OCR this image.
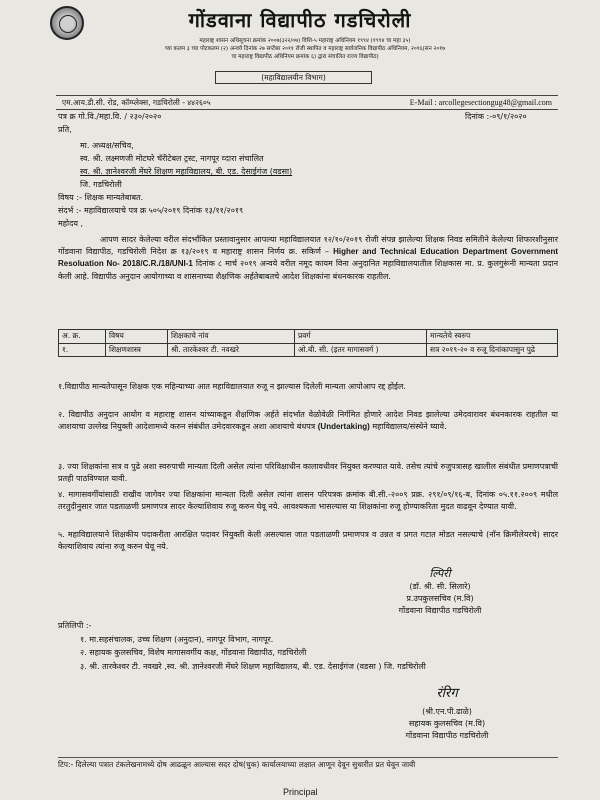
गोंडवाना विद्यापीठ गडचिरोली
महाराष्ट्र शासन अधिसूचना क्रमांक २००७(३२२/०७) विशि-५ महाराष्ट्र अधिनियम १९९४ (१९९४ चा महा ३५)
च्या कलम ३ च्या पोटकलम (२) अन्वये दिनांक २७ सप्टेंबर २०११ रोजी स्थापित व महाराष्ट्र सार्वजनिक विद्यापीठ अधिनियम, २०१६(सन २०१७
चा महाराष्ट्र विद्यापीठ अधिनियम क्रमांक ६) द्वारा संचालित राज्य विद्यापीठ)
(महाविद्यालयीन विभाग)
एम.आय.डी.सी. रोड, कॉम्प्लेक्स, गडचिरोली - ४४२६०५	E-Mail : arcollegesectiongug48@gmail.com
पत्र क्र गो.वि./महा.वि. / २३०/२०२०	दिनांक :-०९/१/२०२०
प्रति,
मा. अध्यक्ष/सचिव,
स्व. श्री. लक्ष्मणजी मोटघरे चॅरीटेबल ट्रस्ट, नागपूर व्दारा संचालित
स्व. श्री. ज्ञानेश्वरजी मेंघरे शिक्षण महाविद्यालय, बी. एड. देसाईगंज (वडसा)
जि. गडचिरोली
विषय :- शिक्षक मान्यतेबाबत.
संदर्भ :- महाविद्यालयाचे पत्र क्र ५०५/२०१९ दिनांक १३/११/२०१९
महोदय ,
आपण सादर केलेल्या वरील संदर्भांकित प्रस्तावानुसार आपल्या महाविद्यालयात १२/१०/२०१९ रोजी संपन्न झालेल्या शिक्षक निवड समितीने केलेल्या शिफारशीनुसार गोंडवाना विद्यापीठ, गडचिरोली निदेश क्र १३/२०१९ व महाराष्ट्र शासन निर्णय क्र. सकिर्ण – Higher and Technical Education Department Government Resoluation No- 2018/C.R./18/UNI-1 दिनांक ८ मार्च २०१९ अन्वये वरील नमूद कायम विना अनुदानित महाविद्यालयातील शिक्षकास मा. प्र. कुलगुरूंनी मान्यता प्रदान केली आहे. विद्यापीठ अनुदान आयोगाच्या व शासनाच्या शैक्षणिक अर्हतेबाबतचे आदेश शिक्षकांना बंधनकारक राहतील.
अ. क्र.	विषय	शिक्षकाचे नांव	प्रवर्ग	मान्यतेचे स्वरुप
१.	शिक्षणशास्त्र	श्री. तारकेश्वर टी. नवखरे	ओ.बी. सी. (इतर मागासवर्ग )	सत्र २०१९-२० व रुजू दिनांकापासुन पुढे
१.विद्यापीठ मान्यतेपासून शिक्षक एक महिन्याच्या आत महाविद्यालयात रुजू न झाल्यास दिलेली मान्यता आपोआप रद्द होईल.
२. विद्यापीठ अनुदान आयोग व महाराष्ट्र शासन यांच्याकडून शैक्षणिक अर्हते संदर्भात वेळोवेळी निर्गमित होणारे आदेश निवड झालेल्या उमेदवारावर बंधनकारक राहतील या आशयाचा उल्लेख नियुक्ती आदेशामध्ये करुन संबंधीत उमेदवारकडून अशा आशयाचे बंधपत्र (Undertaking) महाविद्यालय/संस्थेने घ्यावे.
३. ज्या शिक्षकांना सत्र व पुढे अशा स्वरुपाची मान्यता दिली असेल त्यांना परिविक्षाधीन कालावधीवर नियुक्त करण्यात यावे. तसेच त्यांचे रुजुपत्रासह खालील संबंधीत प्रमाणपत्राची प्रतही पाठविण्यात यावी.
४. मागासवर्गीयांसाठी राखीव जागेवर ज्या शिक्षकांना मान्यता दिली असेल त्यांना शासन परिपत्रक क्रमांक बी.सी.-२००९ प्रक्र. २९१/०९/१६-ब, दिनांक ०५.११.२००९ मधील तरतुदीनुसार जात पडताळणी प्रमाणपत्र सादर केल्याशिवाय रुजू करुन घेवू नये. आवश्यकता भासल्यास या शिक्षकांना रुजू होण्याकरिता मुदत वाढवून देण्यात यावी.
५. महाविद्यालयाने शिक्षकीय पदाकरीता आरक्षित पदावर नियुक्ती केली असल्यास जात पडताळणी प्रमाणपत्र व उन्नत व प्रगत गटात मोडत नसल्याचे (नॉन क्रिमीलेयरचे) सादर केल्याशिवाय त्यांना रुजू करुन घेवू नये.
ल्पिरी
(डॉ. श्री. सी. सिलारे)
प्र.उपकुलसचिव (म.वि)
गोंडवाना विद्यापीठ गडचिरोली
प्रतिलिपी :-
१. मा.सहसंचालक, उच्च शिक्षण (अनुदान), नागपूर विभाग, नागपूर.
२. सहायक कुलसचिव, विशेष मागासवर्गीय कक्ष, गोंडवाना विद्यापीठ, गडचिरोली
३. श्री. तारकेश्वर टी. नवखरे ,स्व. श्री. ज्ञानेश्वरजी मेंघरे शिक्षण महाविद्यालय, बी. एड. देसाईगंज (वडसा ) जि. गडचिरोली
रंरिग
(श्री.एन.पी.ढाळे)
सहायक कुलसचिव (म.वि)
गोंडवाना विद्यापीठ गडचिरोली
टिप:- दिलेल्या पत्रात टंकलेखनामध्ये दोष आढळून आल्यास सदर दोष(चुक) कार्यालयाच्या लक्षात आणून देवून सुधारीत प्रत घेवून जावी
Principal
